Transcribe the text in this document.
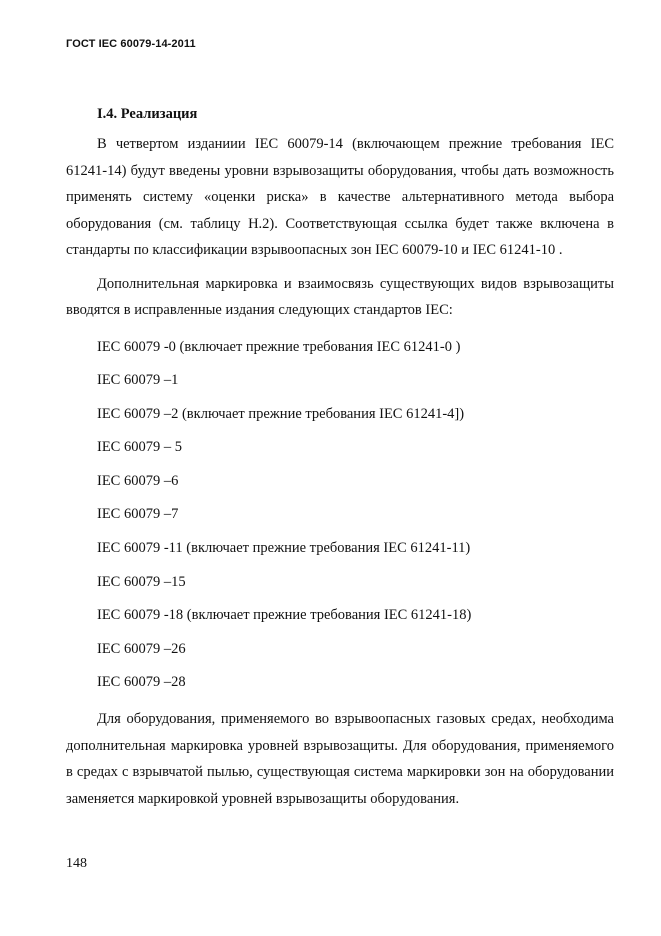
ГОСТ IEC 60079-14-2011
I.4. Реализация

В четвертом изданиии IEC 60079-14 (включающем прежние требования IEC 61241-14) будут введены уровни взрывозащиты оборудования, чтобы дать возможность применять систему «оценки риска» в качестве альтернативного метода выбора оборудования (см. таблицу Н.2). Соответствующая ссылка будет также включена в стандарты по классификации взрывоопасных зон IEC 60079-10 и IEC 61241-10 .

Дополнительная маркировка и взаимосвязь существующих видов взрывозащиты вводятся в исправленные издания следующих стандартов IEC:

IEC 60079 -0 (включает прежние требования IEC 61241-0 )
IEC 60079 –1
IEC 60079 –2 (включает прежние требования IEC 61241-4])
IEC 60079 – 5
IEC 60079 –6
IEC 60079 –7
IEC 60079 -11 (включает прежние требования IEC 61241-11)
IEC 60079 –15
IEC 60079 -18 (включает прежние требования IEC 61241-18)
IEC 60079 –26
IEC 60079 –28

Для оборудования, применяемого во взрывоопасных газовых средах, необходима дополнительная маркировка уровней взрывозащиты. Для оборудования, применяемого в средах с взрывчатой пылью, существующая система маркировки зон на оборудовании заменяется маркировкой уровней взрывозащиты оборудования.

148
